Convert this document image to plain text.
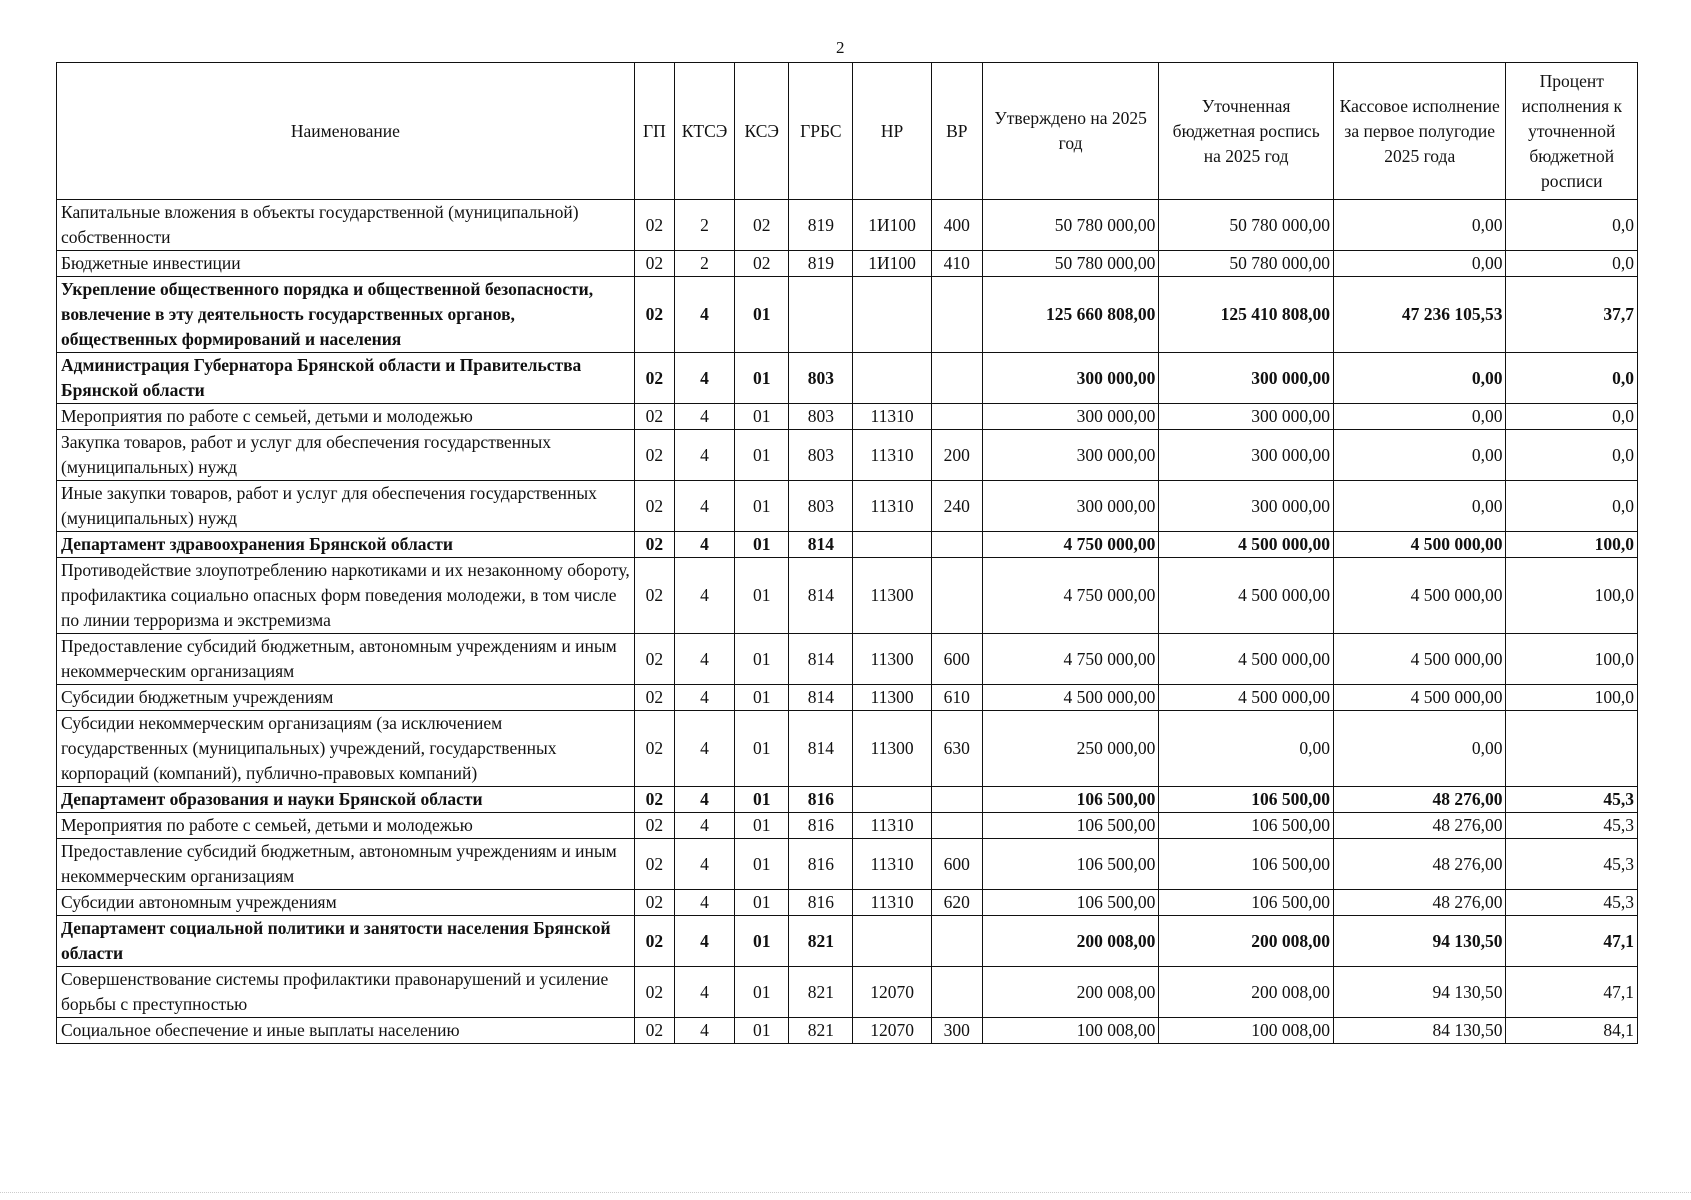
2
Наименование	ГП	КТСЭ	КСЭ	ГРБС	НР	ВР	Утверждено на 2025 год	Уточненная бюджетная роспись на 2025 год	Кассовое исполнение за первое полугодие 2025 года	Процент исполнения к уточненной бюджетной росписи
Капитальные вложения в объекты государственной (муниципальной) собственности	02	2	02	819	1И100	400	50 780 000,00	50 780 000,00	0,00	0,0
Бюджетные инвестиции	02	2	02	819	1И100	410	50 780 000,00	50 780 000,00	0,00	0,0
Укрепление общественного порядка и общественной безопасности, вовлечение в эту деятельность государственных органов, общественных формирований и населения	02	4	01				125 660 808,00	125 410 808,00	47 236 105,53	37,7
Администрация Губернатора Брянской области и Правительства Брянской области	02	4	01	803			300 000,00	300 000,00	0,00	0,0
Мероприятия по работе с семьей, детьми и молодежью	02	4	01	803	11310		300 000,00	300 000,00	0,00	0,0
Закупка товаров, работ и услуг для обеспечения государственных (муниципальных) нужд	02	4	01	803	11310	200	300 000,00	300 000,00	0,00	0,0
Иные закупки товаров, работ и услуг для обеспечения государственных (муниципальных) нужд	02	4	01	803	11310	240	300 000,00	300 000,00	0,00	0,0
Департамент здравоохранения Брянской области	02	4	01	814			4 750 000,00	4 500 000,00	4 500 000,00	100,0
Противодействие злоупотреблению наркотиками и их незаконному обороту, профилактика социально опасных форм поведения молодежи, в том числе по линии терроризма и экстремизма	02	4	01	814	11300		4 750 000,00	4 500 000,00	4 500 000,00	100,0
Предоставление субсидий бюджетным, автономным учреждениям и иным некоммерческим организациям	02	4	01	814	11300	600	4 750 000,00	4 500 000,00	4 500 000,00	100,0
Субсидии бюджетным учреждениям	02	4	01	814	11300	610	4 500 000,00	4 500 000,00	4 500 000,00	100,0
Субсидии некоммерческим организациям (за исключением государственных (муниципальных) учреждений, государственных корпораций (компаний), публично-правовых компаний)	02	4	01	814	11300	630	250 000,00	0,00	0,00	
Департамент образования и науки Брянской области	02	4	01	816			106 500,00	106 500,00	48 276,00	45,3
Мероприятия по работе с семьей, детьми и молодежью	02	4	01	816	11310		106 500,00	106 500,00	48 276,00	45,3
Предоставление субсидий бюджетным, автономным учреждениям и иным некоммерческим организациям	02	4	01	816	11310	600	106 500,00	106 500,00	48 276,00	45,3
Субсидии автономным учреждениям	02	4	01	816	11310	620	106 500,00	106 500,00	48 276,00	45,3
Департамент социальной политики и занятости населения Брянской области	02	4	01	821			200 008,00	200 008,00	94 130,50	47,1
Совершенствование системы профилактики правонарушений и усиление борьбы с преступностью	02	4	01	821	12070		200 008,00	200 008,00	94 130,50	47,1
Социальное обеспечение и иные выплаты населению	02	4	01	821	12070	300	100 008,00	100 008,00	84 130,50	84,1
